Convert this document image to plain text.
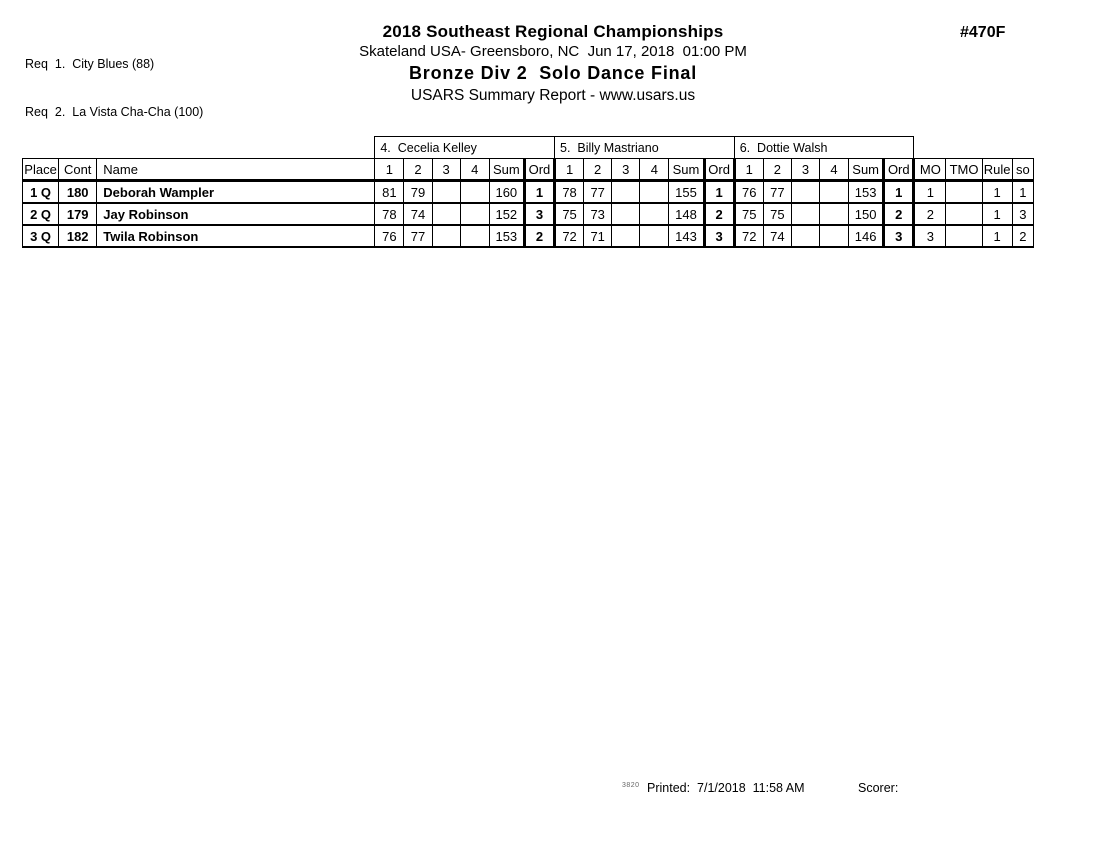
Req  1.  City Blues (88)

Req  2.  La Vista Cha-Cha (100)

2018 Southeast Regional Championships
Skateland USA- Greensboro, NC  Jun 17, 2018  01:00 PM
Bronze Div 2  Solo Dance Final
USARS Summary Report - www.usars.us
#470F
			4.  Cecelia Kelley						5.  Billy Mastriano						6.  Dottie Walsh									
Place	Cont	Name	1	2	3	4	Sum	Ord	1	2	3	4	Sum	Ord	1	2	3	4	Sum	Ord	MO	TMO	Rule	so
1 Q	180	Deborah Wampler	81	79			160	1	78	77			155	1	76	77			153	1	1		1	1
2 Q	179	Jay Robinson	78	74			152	3	75	73			148	2	75	75			150	2	2		1	3
3 Q	182	Twila Robinson	76	77			153	2	72	71			143	3	72	74			146	3	3		1	2
3820 Printed:  7/1/2018  11:58 AM	Scorer:
